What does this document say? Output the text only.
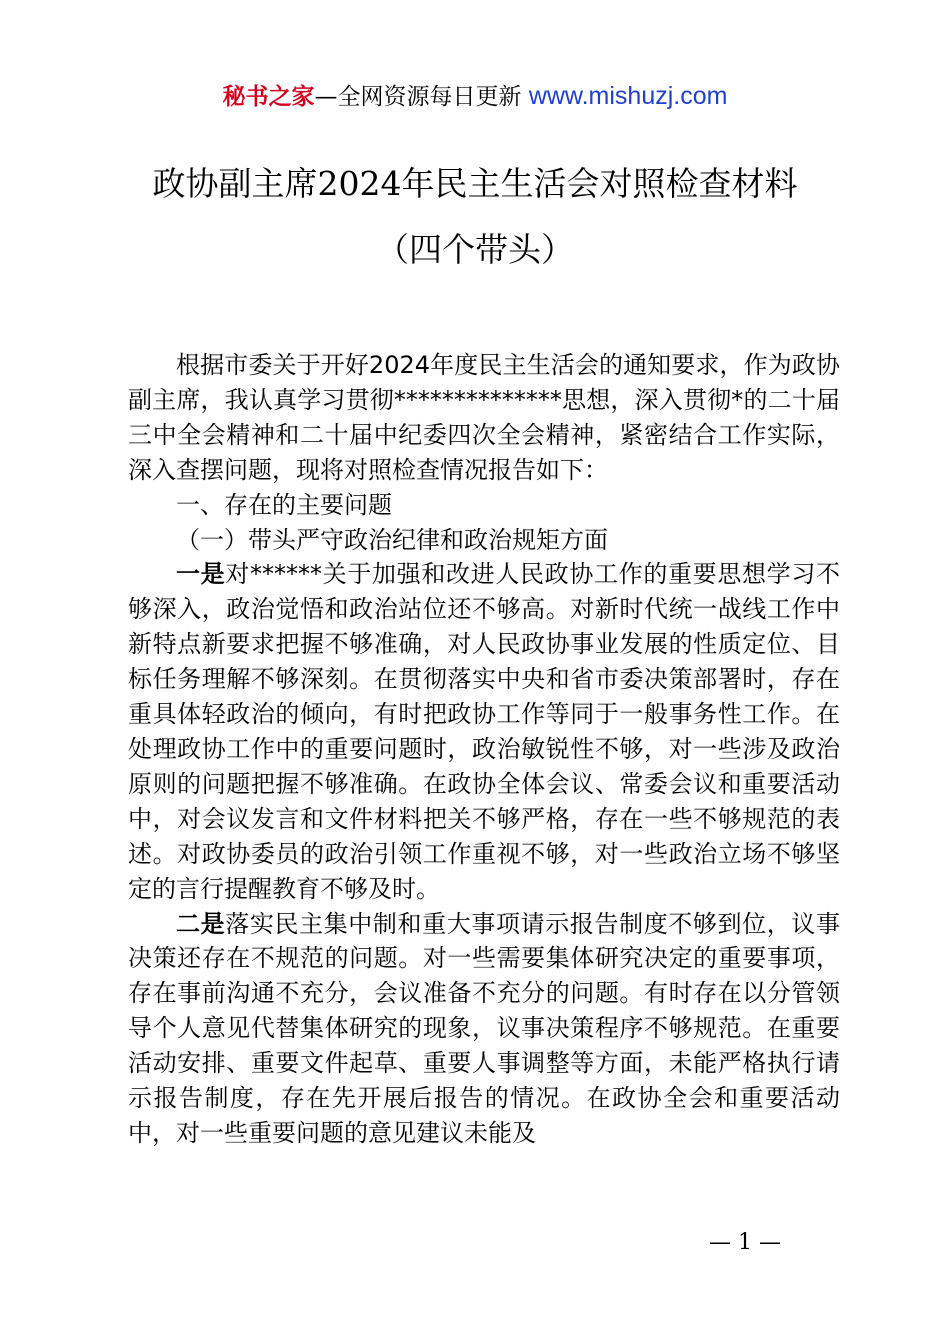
秘书之家—全网资源每日更新 www.mishuzj.com
政协副主席2024年民主生活会对照检查材料
（四个带头）

根据市委关于开好2024年度民主生活会的通知要求，作为政协副主席，我认真学习贯彻**************思想，深入贯彻*的二十届三中全会精神和二十届中纪委四次全会精神，紧密结合工作实际，深入查摆问题，现将对照检查情况报告如下：

一、存在的主要问题

（一）带头严守政治纪律和政治规矩方面

一是对******关于加强和改进人民政协工作的重要思想学习不够深入，政治觉悟和政治站位还不够高。对新时代统一战线工作中新特点新要求把握不够准确，对人民政协事业发展的性质定位、目标任务理解不够深刻。在贯彻落实中央和省市委决策部署时，存在重具体轻政治的倾向，有时把政协工作等同于一般事务性工作。在处理政协工作中的重要问题时，政治敏锐性不够，对一些涉及政治原则的问题把握不够准确。在政协全体会议、常委会议和重要活动中，对会议发言和文件材料把关不够严格，存在一些不够规范的表述。对政协委员的政治引领工作重视不够，对一些政治立场不够坚定的言行提醒教育不够及时。

二是落实民主集中制和重大事项请示报告制度不够到位，议事决策还存在不规范的问题。对一些需要集体研究决定的重要事项，存在事前沟通不充分，会议准备不充分的问题。有时存在以分管领导个人意见代替集体研究的现象，议事决策程序不够规范。在重要活动安排、重要文件起草、重要人事调整等方面，未能严格执行请示报告制度，存在先开展后报告的情况。在政协全会和重要活动中，对一些重要问题的意见建议未能及

— 1 —
